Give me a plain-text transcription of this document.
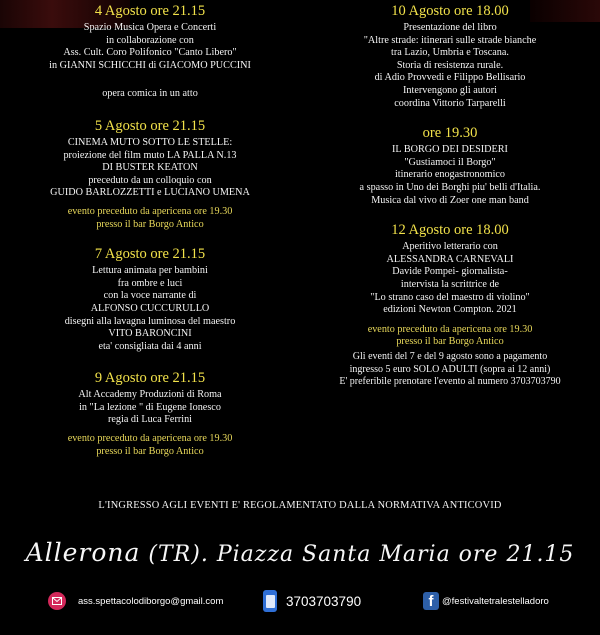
4 Agosto ore 21.15
Spazio Musica Opera e Concerti
in collaborazione con
Ass. Cult. Coro Polifonico "Canto Libero"
in GIANNI SCHICCHI di GIACOMO PUCCINI
opera comica in un atto
5 Agosto ore 21.15
CINEMA MUTO SOTTO LE STELLE:
proiezione del film muto LA PALLA N.13
DI BUSTER KEATON
preceduto da un colloquio con
GUIDO BARLOZZETTI e LUCIANO UMENA
evento preceduto da apericena ore 19.30
presso il bar Borgo Antico
7 Agosto ore 21.15
Lettura animata per bambini
fra ombre e luci
con la voce narrante di
ALFONSO CUCCURULLO
disegni alla lavagna luminosa del maestro
VITO BARONCINI
eta' consigliata dai 4 anni
9 Agosto ore 21.15
Alt Accademy Produzioni di Roma
in "La lezione " di Eugene Ionesco
regia di Luca Ferrini
evento preceduto da apericena ore 19.30
presso il bar Borgo Antico
10 Agosto ore 18.00
Presentazione del libro
"Altre strade: itinerari sulle strade bianche
tra Lazio, Umbria e Toscana.
Storia di resistenza rurale.
di Adio Provvedi e Filippo Bellisario
Intervengono gli autori
coordina Vittorio Tarparelli
ore 19.30
IL BORGO DEI DESIDERI
"Gustiamoci il Borgo"
itinerario enogastronomico
a spasso in Uno dei Borghi piu' belli d'Italia.
Musica dal vivo di Zoer one man band
12 Agosto ore 18.00
Aperitivo letterario con
ALESSANDRA CARNEVALI
Davide Pompei- giornalista-
intervista la scrittrice de
"Lo strano caso del maestro di violino"
edizioni Newton Compton. 2021
evento preceduto da apericena ore 19.30
presso il bar Borgo Antico
Gli eventi del 7 e del 9 agosto sono a pagamento
ingresso 5 euro SOLO ADULTI (sopra ai 12 anni)
E' preferibile prenotare l'evento al numero 3703703790
L'INGRESSO AGLI EVENTI E' REGOLAMENTATO DALLA NORMATIVA ANTICOVID
Allerona (TR). Piazza Santa Maria ore 21.15
ass.spettacolodiborgo@gmail.com	3703703790	f @festivaltetralestelladoro
